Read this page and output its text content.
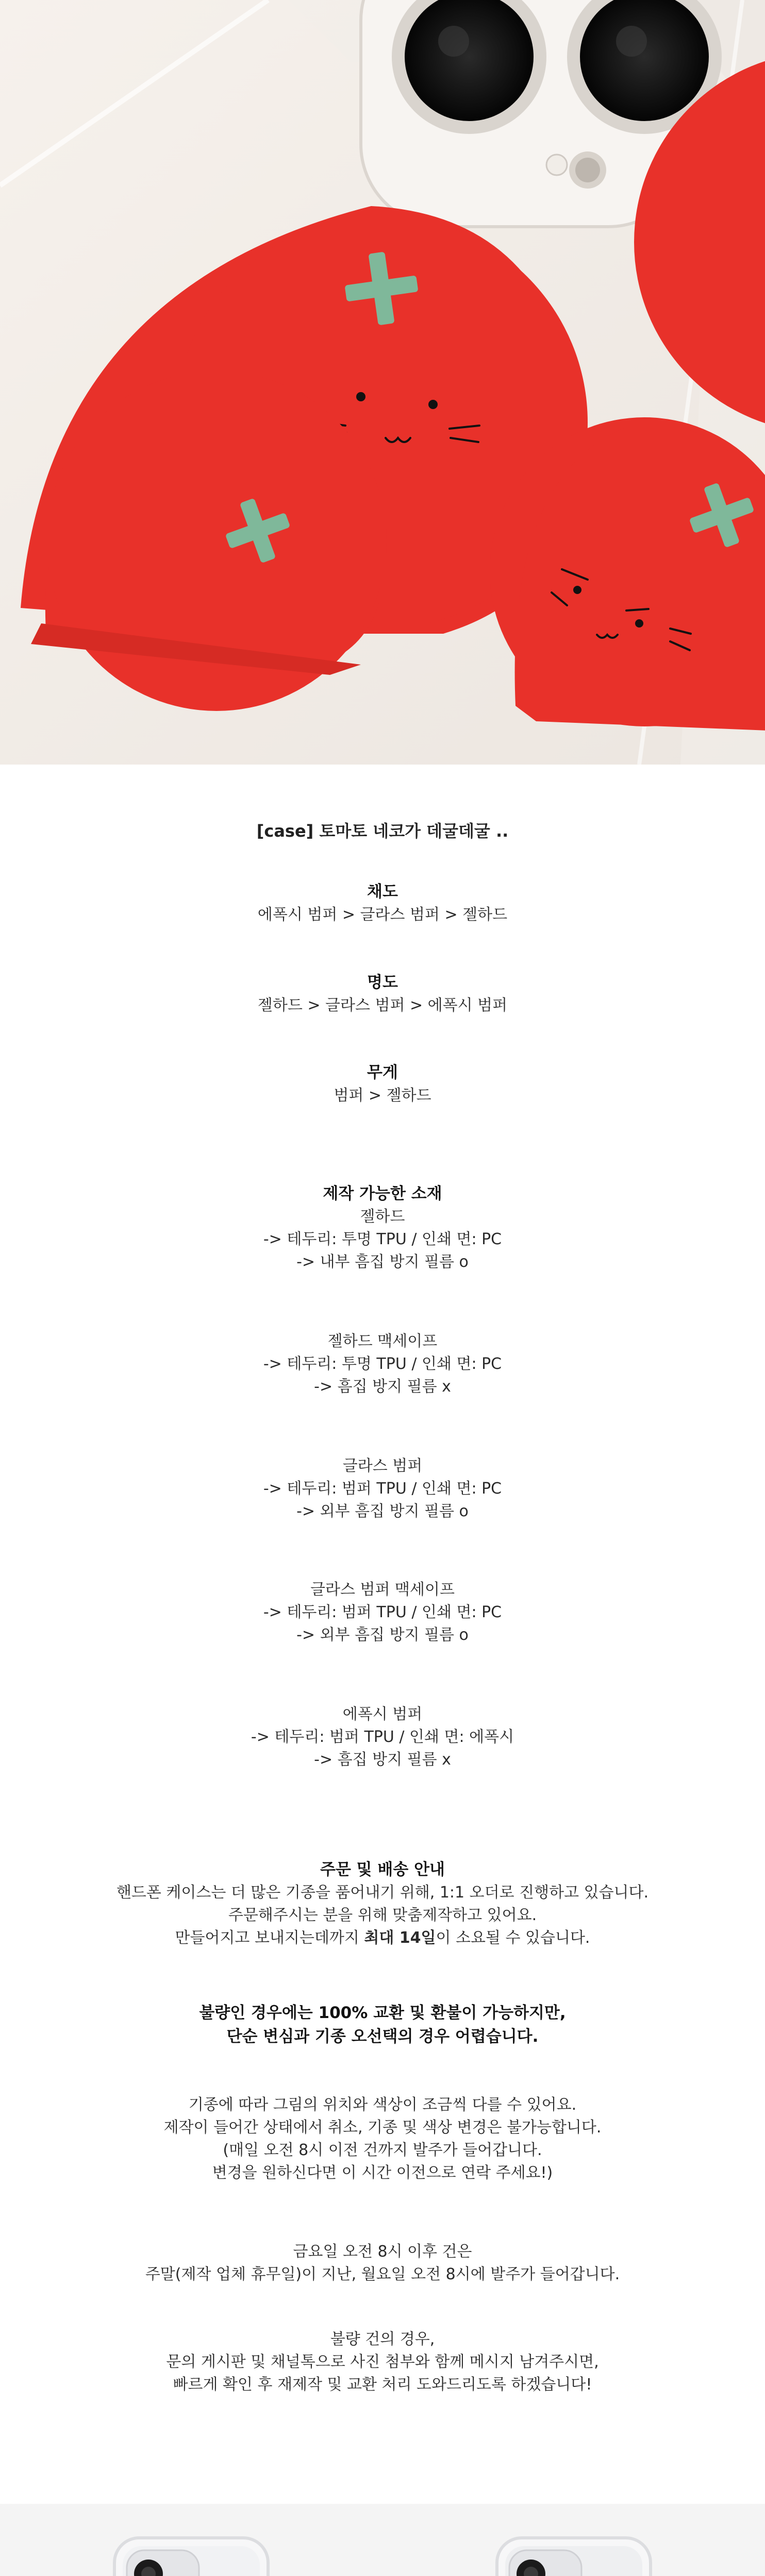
[case] 토마토 네코가 데굴데굴 ..
채도
에폭시 범퍼 > 글라스 범퍼 > 젤하드
명도
젤하드 > 글라스 범퍼 > 에폭시 범퍼
무게
범퍼 > 젤하드
제작 가능한 소재
젤하드
-> 테두리: 투명 TPU / 인쇄 면: PC
-> 내부 흠집 방지 필름 o
젤하드 맥세이프
-> 테두리: 투명 TPU / 인쇄 면: PC
-> 흠집 방지 필름 x
글라스 범퍼
-> 테두리: 범퍼 TPU / 인쇄 면: PC
-> 외부 흠집 방지 필름 o
글라스 범퍼 맥세이프
-> 테두리: 범퍼 TPU / 인쇄 면: PC
-> 외부 흠집 방지 필름 o
에폭시 범퍼
-> 테두리: 범퍼 TPU / 인쇄 면: 에폭시
-> 흠집 방지 필름 x
주문 및 배송 안내
핸드폰 케이스는 더 많은 기종을 품어내기 위해, 1:1 오더로 진행하고 있습니다.
주문해주시는 분을 위해 맞춤제작하고 있어요.
만들어지고 보내지는데까지 최대 14일이 소요될 수 있습니다.
불량인 경우에는 100% 교환 및 환불이 가능하지만,
단순 변심과 기종 오선택의 경우 어렵습니다.
기종에 따라 그림의 위치와 색상이 조금씩 다를 수 있어요.
제작이 들어간 상태에서 취소, 기종 및 색상 변경은 불가능합니다.
(매일 오전 8시 이전 건까지 발주가 들어갑니다.
변경을 원하신다면 이 시간 이전으로 연락 주세요!)
금요일 오전 8시 이후 건은
주말(제작 업체 휴무일)이 지난, 월요일 오전 8시에 발주가 들어갑니다.
불량 건의 경우,
문의 게시판 및 채널톡으로 사진 첨부와 함께 메시지 남겨주시면,
빠르게 확인 후 재제작 및 교환 처리 도와드리도록 하겠습니다!
